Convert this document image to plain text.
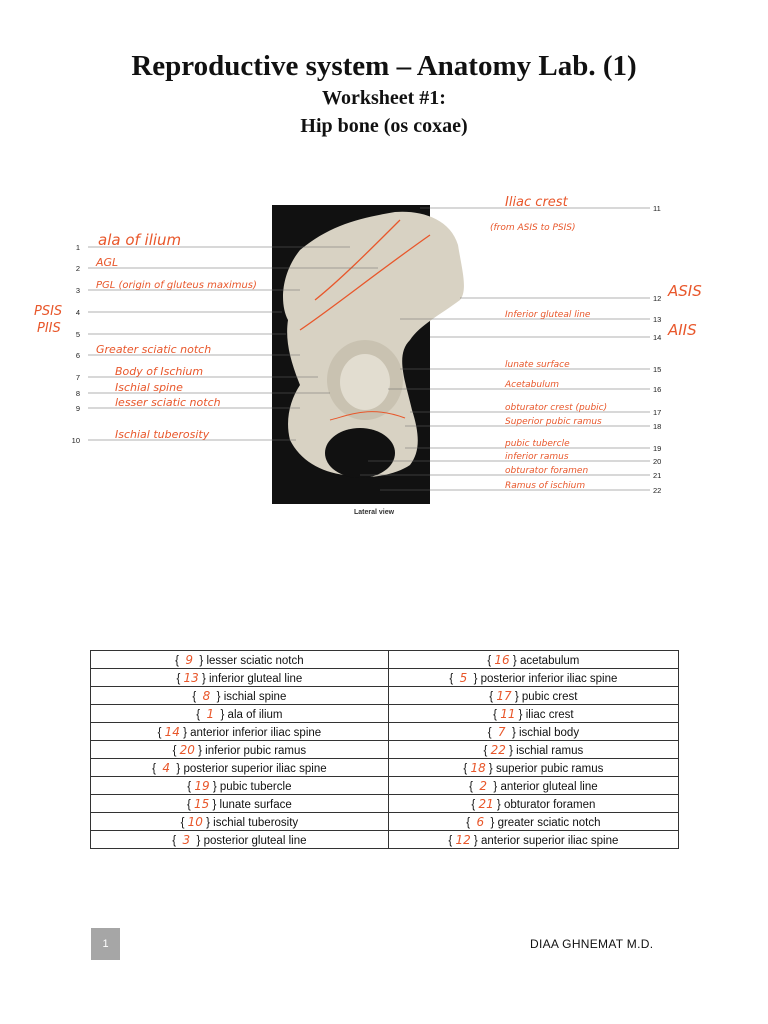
Reproductive system – Anatomy Lab. (1)
Worksheet #1:
Hip bone (os coxae)
Lateral view
1 ala of ilium
2 AGL
3 PGL (origin of gluteus maximus)
4
5
6 Greater sciatic notch
7	Body of Ischium
8	Ischial spine
9	lesser sciatic notch
10	Ischial tuberosity
11
Iliac crest
12 ASIS
13
Inferior gluteal line
14 AIIS
15
lunate surface
16
Acetabulum
17
obturator crest (pubic)
18
Superior pubic ramus
19
pubic tubercle
20
inferior ramus
21
obturator foramen
22
Ramus of ischium
PSIS
PIIS
(from ASIS to PSIS)
{ 9 } lesser sciatic notch	{ 16 } acetabulum
{ 13 } inferior gluteal line	{ 5 } posterior inferior iliac spine
{ 8 } ischial spine	{ 17 } pubic crest
{ 1 } ala of ilium	{ 11 } iliac crest
{ 14 } anterior inferior iliac spine	{ 7 } ischial body
{ 20 } inferior pubic ramus	{ 22 } ischial ramus
{ 4 } posterior superior iliac spine	{ 18 } superior pubic ramus
{ 19 } pubic tubercle	{ 2 } anterior gluteal line
{ 15 } lunate surface	{ 21 } obturator foramen
{ 10 } ischial tuberosity	{ 6 } greater sciatic notch
{ 3 } posterior gluteal line	{ 12 } anterior superior iliac spine
1	DIAA GHNEMAT M.D.
